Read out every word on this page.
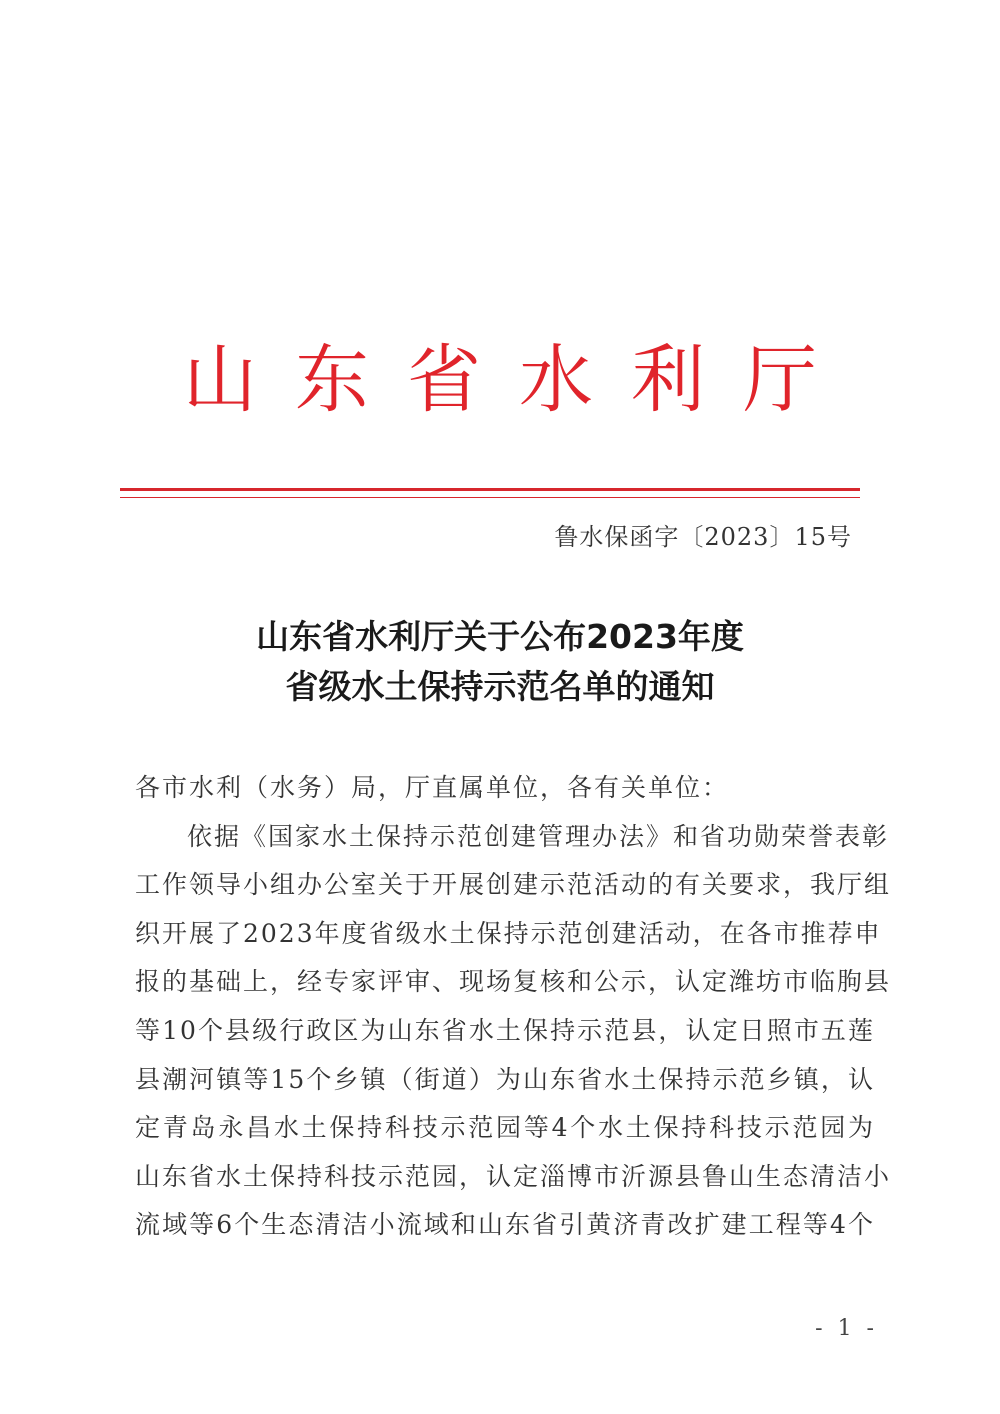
山东省水利厅
鲁水保函字〔2023〕15号
山东省水利厅关于公布2023年度
省级水土保持示范名单的通知

各市水利（水务）局，厅直属单位，各有关单位：

依据《国家水土保持示范创建管理办法》和省功勋荣誉表彰
工作领导小组办公室关于开展创建示范活动的有关要求，我厅组
织开展了2023年度省级水土保持示范创建活动，在各市推荐申
报的基础上，经专家评审、现场复核和公示，认定潍坊市临朐县
等10个县级行政区为山东省水土保持示范县，认定日照市五莲
县潮河镇等15个乡镇（街道）为山东省水土保持示范乡镇，认
定青岛永昌水土保持科技示范园等4个水土保持科技示范园为
山东省水土保持科技示范园，认定淄博市沂源县鲁山生态清洁小
流域等6个生态清洁小流域和山东省引黄济青改扩建工程等4个

- 1 -
